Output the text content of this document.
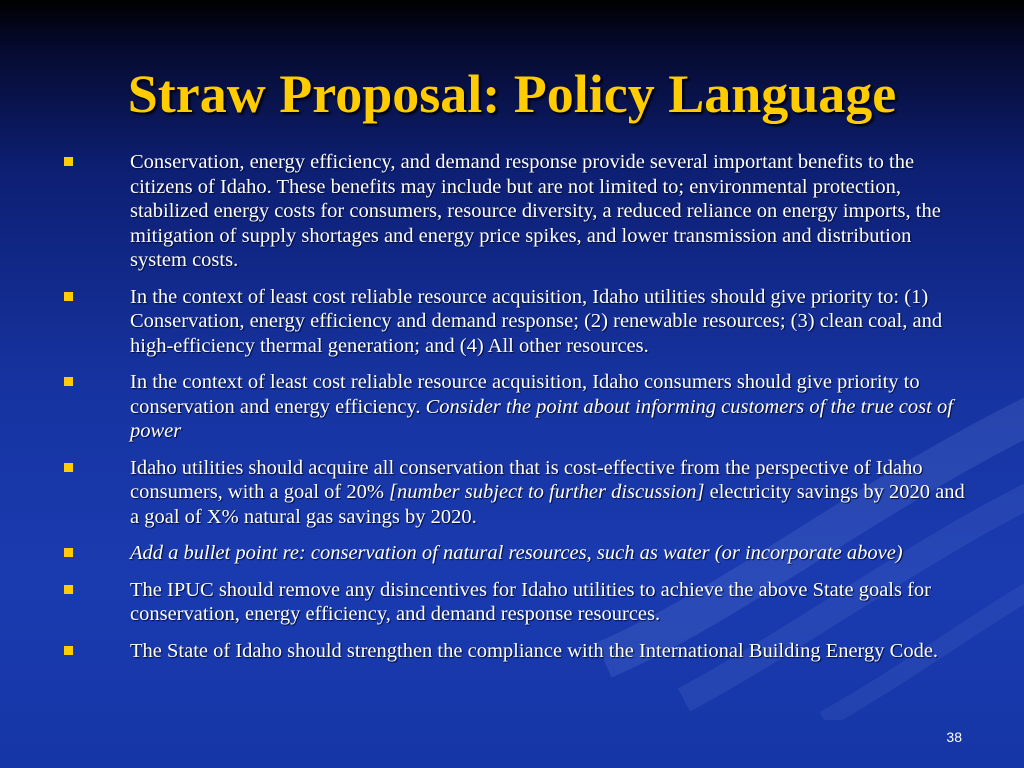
Straw Proposal: Policy Language
Conservation, energy efficiency, and demand response provide several important benefits to the citizens of Idaho. These benefits may include but are not limited to; environmental protection, stabilized energy costs for consumers, resource diversity, a reduced reliance on energy imports, the mitigation of supply shortages and energy price spikes, and lower transmission and distribution system costs.
In the context of least cost reliable resource acquisition, Idaho utilities should give priority to: (1) Conservation, energy efficiency and demand response; (2) renewable resources; (3) clean coal, and high-efficiency thermal generation; and (4) All other resources.
In the context of least cost reliable resource acquisition, Idaho consumers should give priority to conservation and energy efficiency. Consider the point about informing customers of the true cost of power
Idaho utilities should acquire all conservation that is cost-effective from the perspective of Idaho consumers, with a goal of 20% [number subject to further discussion] electricity savings by 2020 and a goal of X% natural gas savings by 2020.
Add a bullet point re: conservation of natural resources, such as water (or incorporate above)
The IPUC should remove any disincentives for Idaho utilities to achieve the above State goals for conservation, energy efficiency, and demand response resources.
The State of Idaho should strengthen the compliance with the International Building Energy Code.
38
